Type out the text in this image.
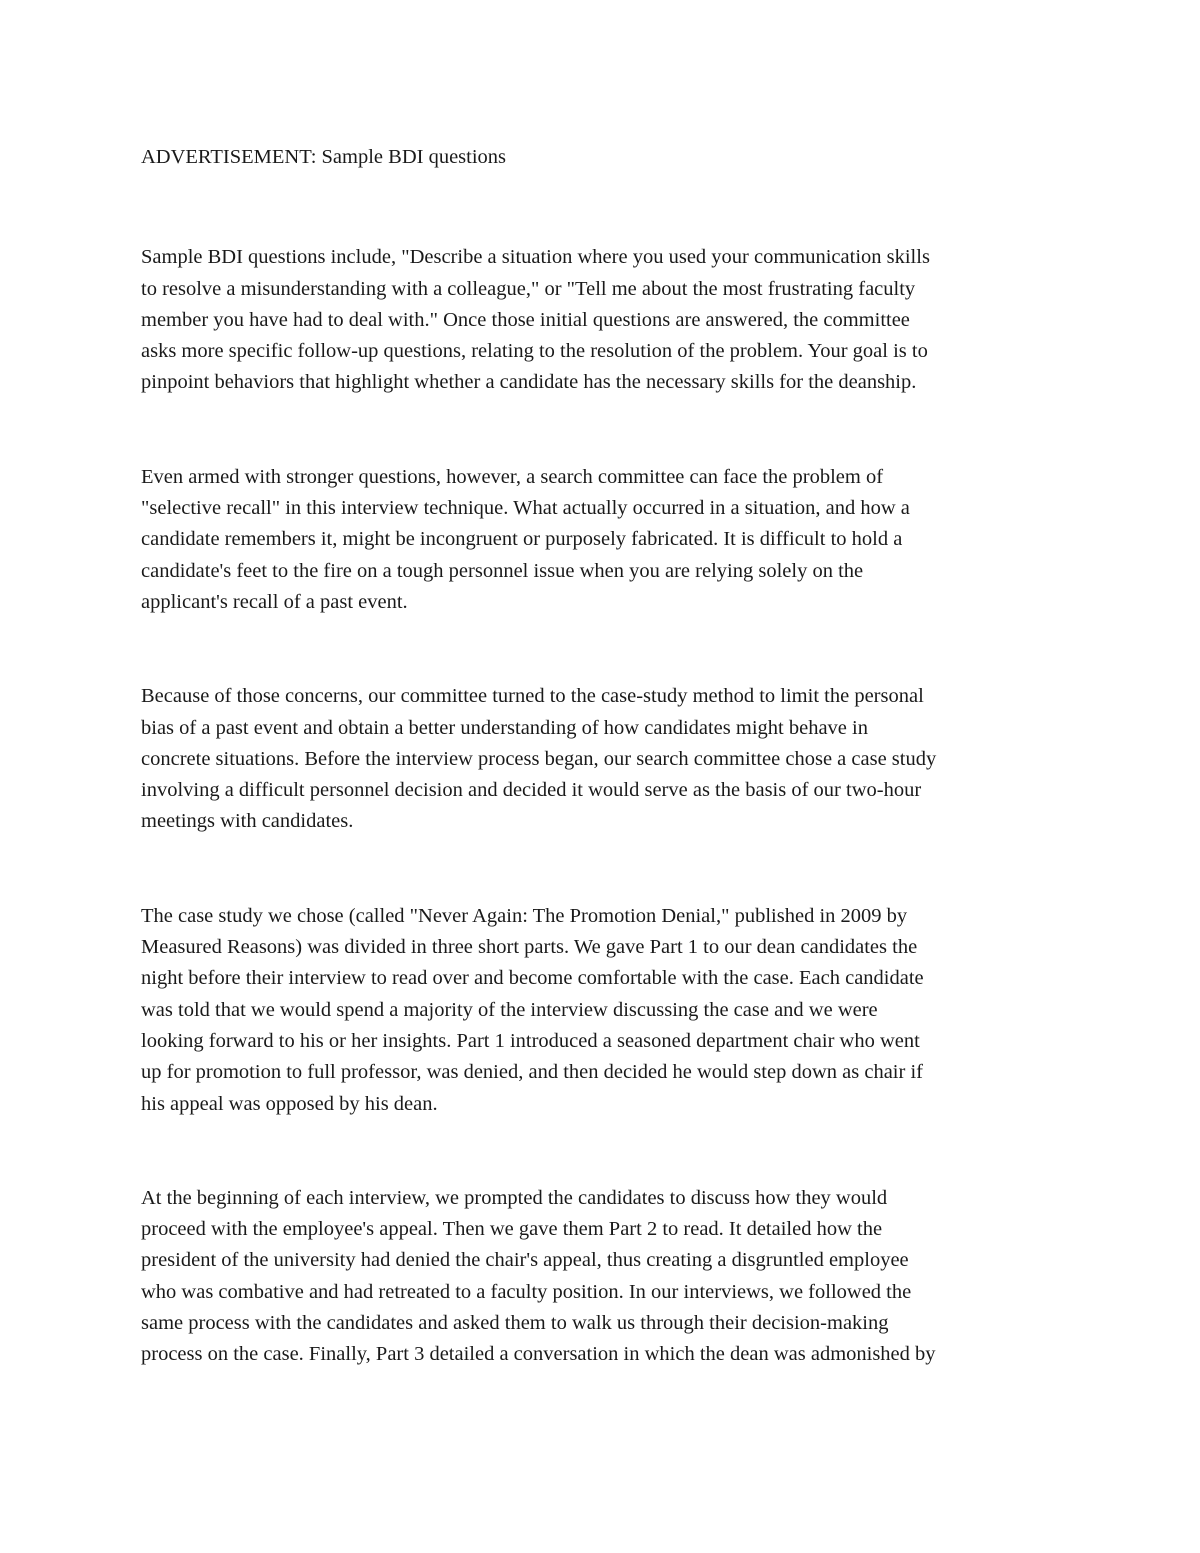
ADVERTISEMENT: Sample BDI questions

Sample BDI questions include, "Describe a situation where you used your communication skills
to resolve a misunderstanding with a colleague," or "Tell me about the most frustrating faculty
member you have had to deal with." Once those initial questions are answered, the committee
asks more specific follow-up questions, relating to the resolution of the problem. Your goal is to
pinpoint behaviors that highlight whether a candidate has the necessary skills for the deanship.

Even armed with stronger questions, however, a search committee can face the problem of
"selective recall" in this interview technique. What actually occurred in a situation, and how a
candidate remembers it, might be incongruent or purposely fabricated. It is difficult to hold a
candidate's feet to the fire on a tough personnel issue when you are relying solely on the
applicant's recall of a past event.

Because of those concerns, our committee turned to the case-study method to limit the personal
bias of a past event and obtain a better understanding of how candidates might behave in
concrete situations. Before the interview process began, our search committee chose a case study
involving a difficult personnel decision and decided it would serve as the basis of our two-hour
meetings with candidates.

The case study we chose (called "Never Again: The Promotion Denial," published in 2009 by
Measured Reasons) was divided in three short parts. We gave Part 1 to our dean candidates the
night before their interview to read over and become comfortable with the case. Each candidate
was told that we would spend a majority of the interview discussing the case and we were
looking forward to his or her insights. Part 1 introduced a seasoned department chair who went
up for promotion to full professor, was denied, and then decided he would step down as chair if
his appeal was opposed by his dean.

At the beginning of each interview, we prompted the candidates to discuss how they would
proceed with the employee's appeal. Then we gave them Part 2 to read. It detailed how the
president of the university had denied the chair's appeal, thus creating a disgruntled employee
who was combative and had retreated to a faculty position. In our interviews, we followed the
same process with the candidates and asked them to walk us through their decision-making
process on the case. Finally, Part 3 detailed a conversation in which the dean was admonished by
